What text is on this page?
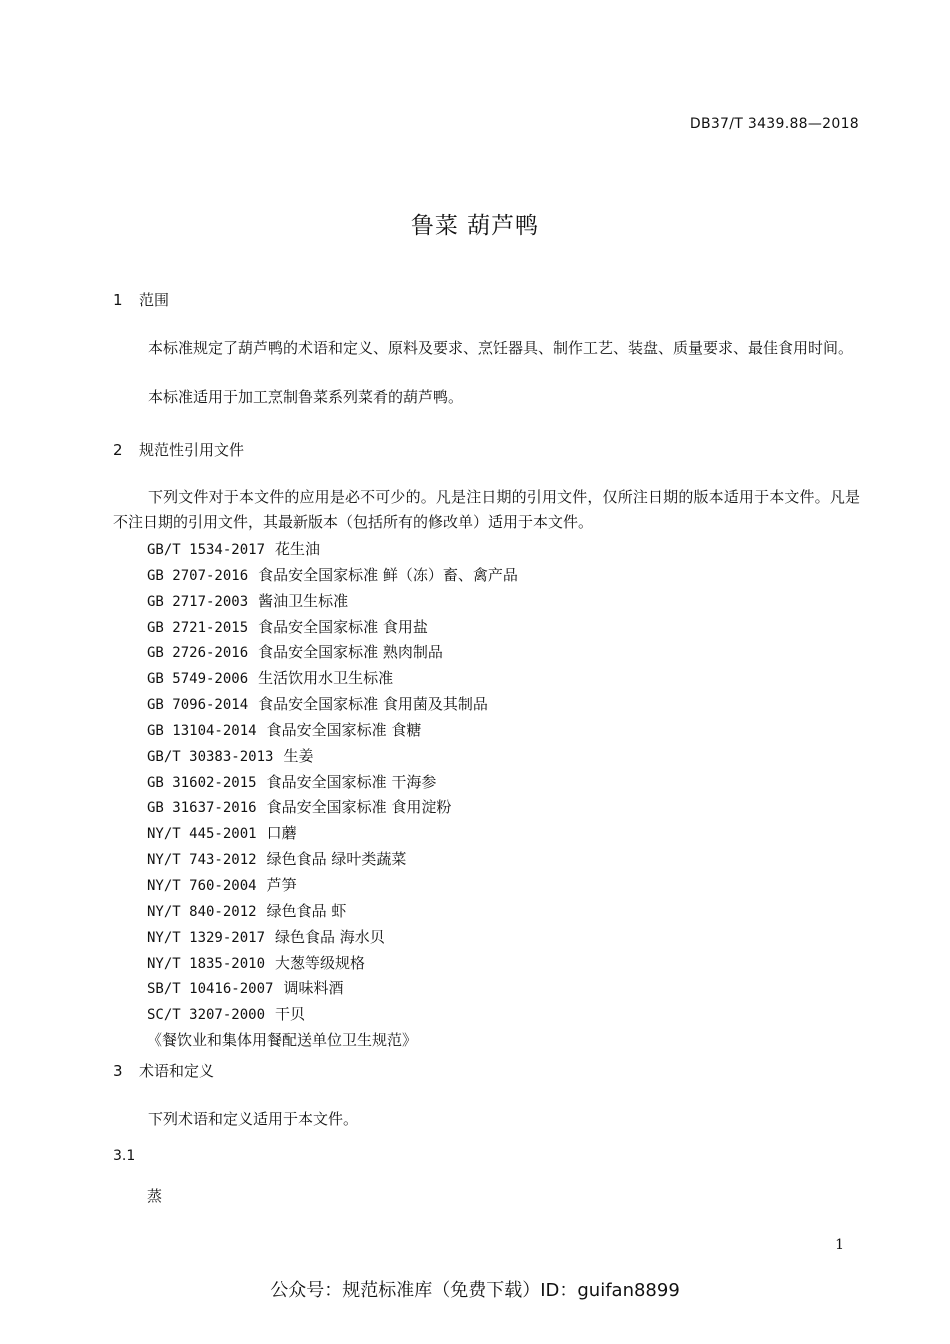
DB37/T 3439.88—2018
鲁菜 葫芦鸭
1 范围
本标准规定了葫芦鸭的术语和定义、原料及要求、烹饪器具、制作工艺、装盘、质量要求、最佳食用时间。
本标准适用于加工烹制鲁菜系列菜肴的葫芦鸭。
2 规范性引用文件
下列文件对于本文件的应用是必不可少的。凡是注日期的引用文件，仅所注日期的版本适用于本文件。凡是不注日期的引用文件，其最新版本（包括所有的修改单）适用于本文件。
GB/T 1534-2017 花生油
GB 2707-2016 食品安全国家标准 鲜（冻）畜、禽产品
GB 2717-2003 酱油卫生标准
GB 2721-2015 食品安全国家标准 食用盐
GB 2726-2016 食品安全国家标准 熟肉制品
GB 5749-2006 生活饮用水卫生标准
GB 7096-2014 食品安全国家标准 食用菌及其制品
GB 13104-2014 食品安全国家标准 食糖
GB/T 30383-2013 生姜
GB 31602-2015 食品安全国家标准 干海参
GB 31637-2016 食品安全国家标准 食用淀粉
NY/T 445-2001 口蘑
NY/T 743-2012 绿色食品 绿叶类蔬菜
NY/T 760-2004 芦笋
NY/T 840-2012 绿色食品 虾
NY/T 1329-2017 绿色食品 海水贝
NY/T 1835-2010 大葱等级规格
SB/T 10416-2007 调味料酒
SC/T 3207-2000 干贝
《餐饮业和集体用餐配送单位卫生规范》
3 术语和定义
下列术语和定义适用于本文件。
3.1
蒸
1
公众号：规范标准库（免费下载）ID：guifan8899
